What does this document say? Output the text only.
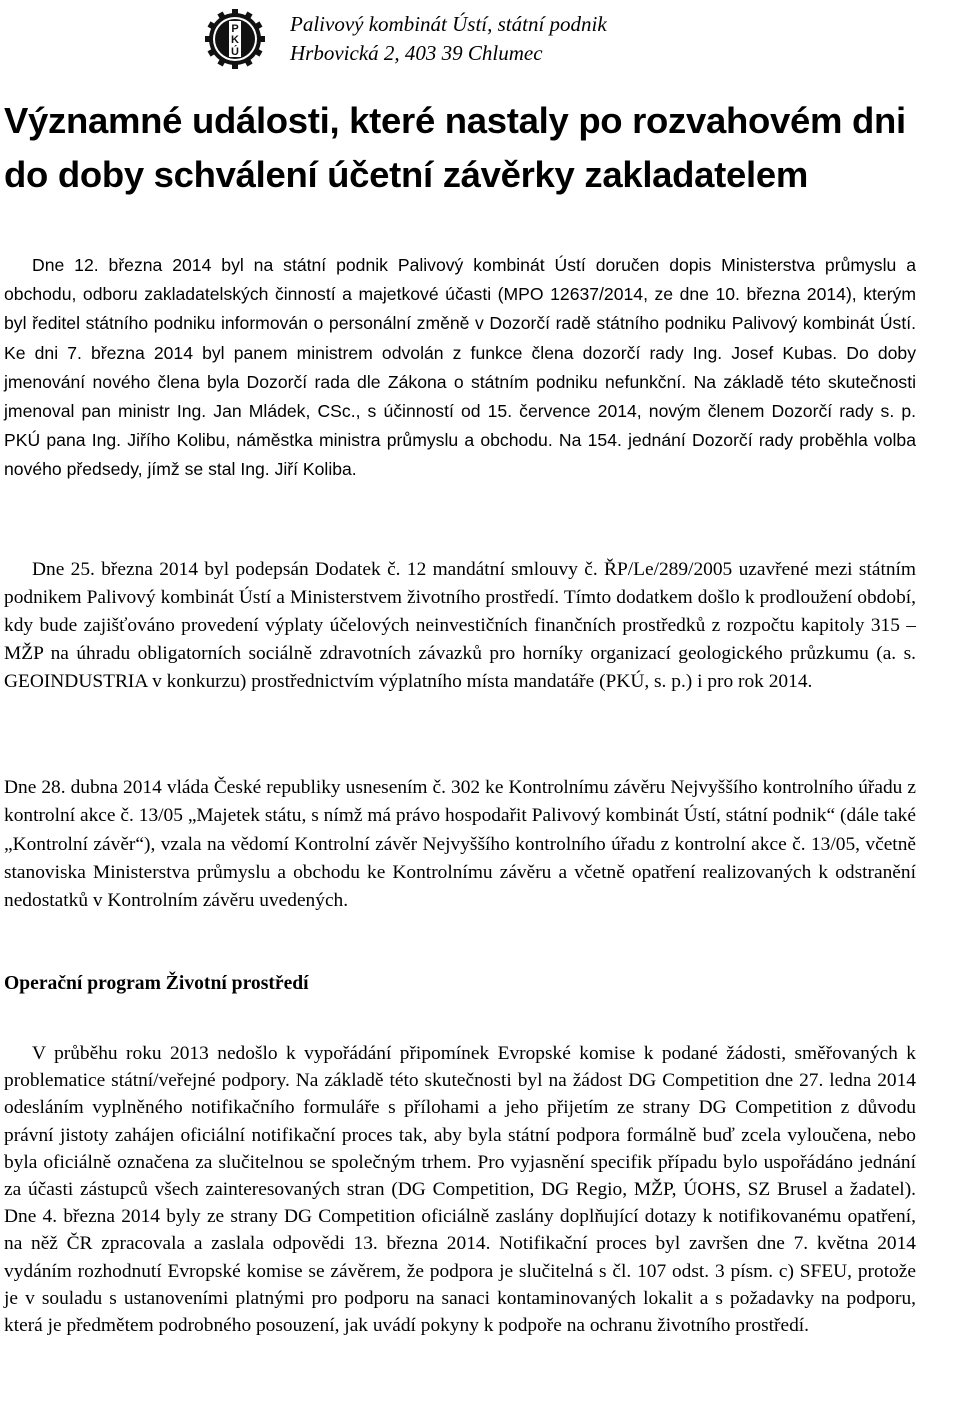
P
K
Ú
Palivový kombinát Ústí, státní podnik
Hrbovická 2, 403 39 Chlumec
Významné události, které nastaly po rozvahovém dni do doby schválení účetní závěrky zakladatelem

Dne 12. března 2014 byl na státní podnik Palivový kombinát Ústí doručen dopis Ministerstva průmyslu a obchodu, odboru zakladatelských činností a majetkové účasti (MPO 12637/2014, ze dne 10. března 2014), kterým byl ředitel státního podniku informován o personální změně v Dozorčí radě státního podniku Palivový kombinát Ústí. Ke dni 7. března 2014 byl panem ministrem odvolán z funkce člena dozorčí rady Ing. Josef Kubas. Do doby jmenování nového člena byla Dozorčí rada dle Zákona o státním podniku nefunkční. Na základě této skutečnosti jmenoval pan ministr Ing. Jan Mládek, CSc., s účinností od 15. července 2014, novým členem Dozorčí rady s. p. PKÚ pana Ing. Jiřího Kolibu, náměstka ministra průmyslu a obchodu. Na 154. jednání Dozorčí rady proběhla volba nového předsedy, jímž se stal Ing. Jiří Koliba.

Dne 25. března 2014 byl podepsán Dodatek č. 12 mandátní smlouvy č. ŘP/Le/289/2005 uzavřené mezi státním podnikem Palivový kombinát Ústí a Ministerstvem životního prostředí. Tímto dodatkem došlo k prodloužení období, kdy bude zajišťováno provedení výplaty účelových neinvestičních finančních prostředků z rozpočtu kapitoly 315 – MŽP na úhradu obligatorních sociálně zdravotních závazků pro horníky organizací geologického průzkumu (a. s. GEOINDUSTRIA v konkurzu) prostřednictvím výplatního místa mandatáře (PKÚ, s. p.) i pro rok 2014.

Dne 28. dubna 2014 vláda České republiky usnesením č. 302 ke Kontrolnímu závěru Nejvyššího kontrolního úřadu z kontrolní akce č. 13/05 „Majetek státu, s nímž má právo hospodařit Palivový kombinát Ústí, státní podnik“ (dále také „Kontrolní závěr“), vzala na vědomí Kontrolní závěr Nejvyššího kontrolního úřadu z kontrolní akce č. 13/05, včetně stanoviska Ministerstva průmyslu a obchodu ke Kontrolnímu závěru a včetně opatření realizovaných k odstranění nedostatků v Kontrolním závěru uvedených.

Operační program Životní prostředí

V průběhu roku 2013 nedošlo k vypořádání připomínek Evropské komise k podané žádosti, směřovaných k problematice státní/veřejné podpory. Na základě této skutečnosti byl na žádost DG Competition dne 27. ledna 2014 odesláním vyplněného notifikačního formuláře s přílohami a jeho přijetím ze strany DG Competition z důvodu právní jistoty zahájen oficiální notifikační proces tak, aby byla státní podpora formálně buď zcela vyloučena, nebo byla oficiálně označena za slučitelnou se společným trhem. Pro vyjasnění specifik případu bylo uspořádáno jednání za účasti zástupců všech zainteresovaných stran (DG Competition, DG Regio, MŽP, ÚOHS, SZ Brusel a žadatel). Dne 4. března 2014 byly ze strany DG Competition oficiálně zaslány doplňující dotazy k notifikovanému opatření, na něž ČR zpracovala a zaslala odpovědi 13. března 2014. Notifikační proces byl završen dne 7. května 2014 vydáním rozhodnutí Evropské komise se závěrem, že podpora je slučitelná s čl. 107 odst. 3 písm. c) SFEU, protože je v souladu s ustanoveními platnými pro podporu na sanaci kontaminovaných lokalit a s požadavky na podporu, která je předmětem podrobného posouzení, jak uvádí pokyny k podpoře na ochranu životního prostředí.
